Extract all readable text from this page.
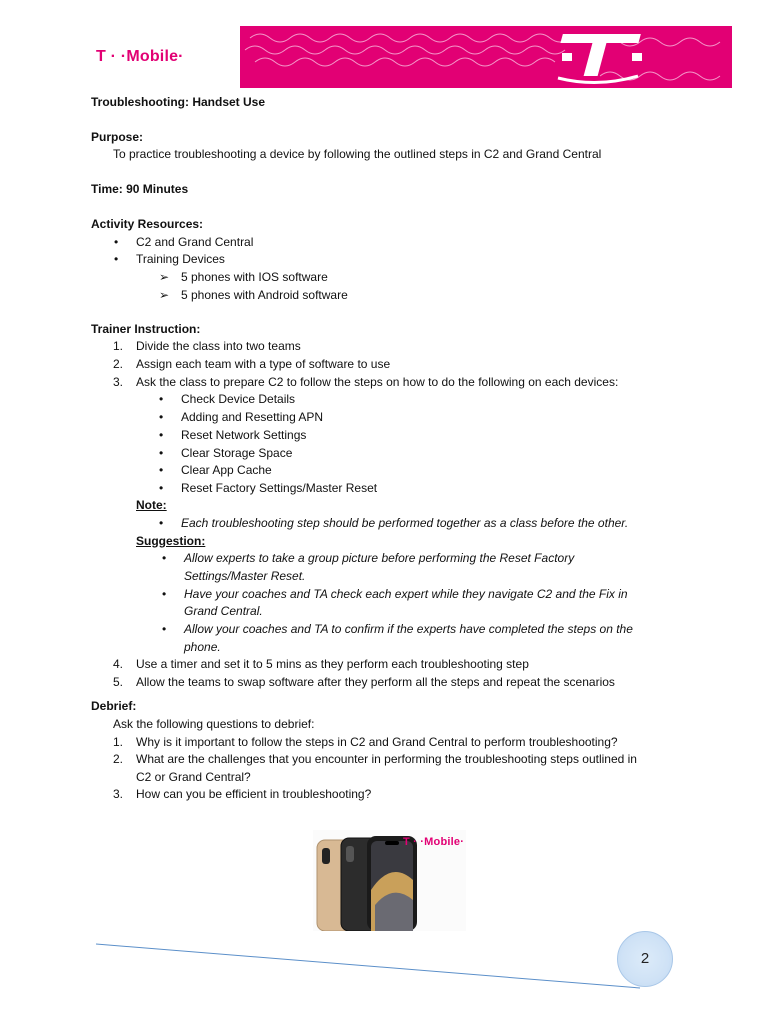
T · ·Mobile·
Troubleshooting: Handset Use
Purpose:
To practice troubleshooting a device by following the outlined steps in C2 and Grand Central
Time: 90 Minutes
Activity Resources:
• C2 and Grand Central
• Training Devices
➢ 5 phones with IOS software
➢ 5 phones with Android software
Trainer Instruction:
1. Divide the class into two teams
2. Assign each team with a type of software to use
3. Ask the class to prepare C2 to follow the steps on how to do the following on each devices:
• Check Device Details
• Adding and Resetting APN
• Reset Network Settings
• Clear Storage Space
• Clear App Cache
• Reset Factory Settings/Master Reset
Note:
• Each troubleshooting step should be performed together as a class before the other.
Suggestion:
• Allow experts to take a group picture before performing the Reset Factory
Settings/Master Reset.
• Have your coaches and TA check each expert while they navigate C2 and the Fix in
Grand Central.
• Allow your coaches and TA to confirm if the experts have completed the steps on the
phone.
4. Use a timer and set it to 5 mins as they perform each troubleshooting step
5. Allow the teams to swap software after they perform all the steps and repeat the scenarios
Debrief:
Ask the following questions to debrief:
1. Why is it important to follow the steps in C2 and Grand Central to perform troubleshooting?
2. What are the challenges that you encounter in performing the troubleshooting steps outlined in
C2 or Grand Central?
3. How can you be efficient in troubleshooting?
T · ·Mobile·
2
